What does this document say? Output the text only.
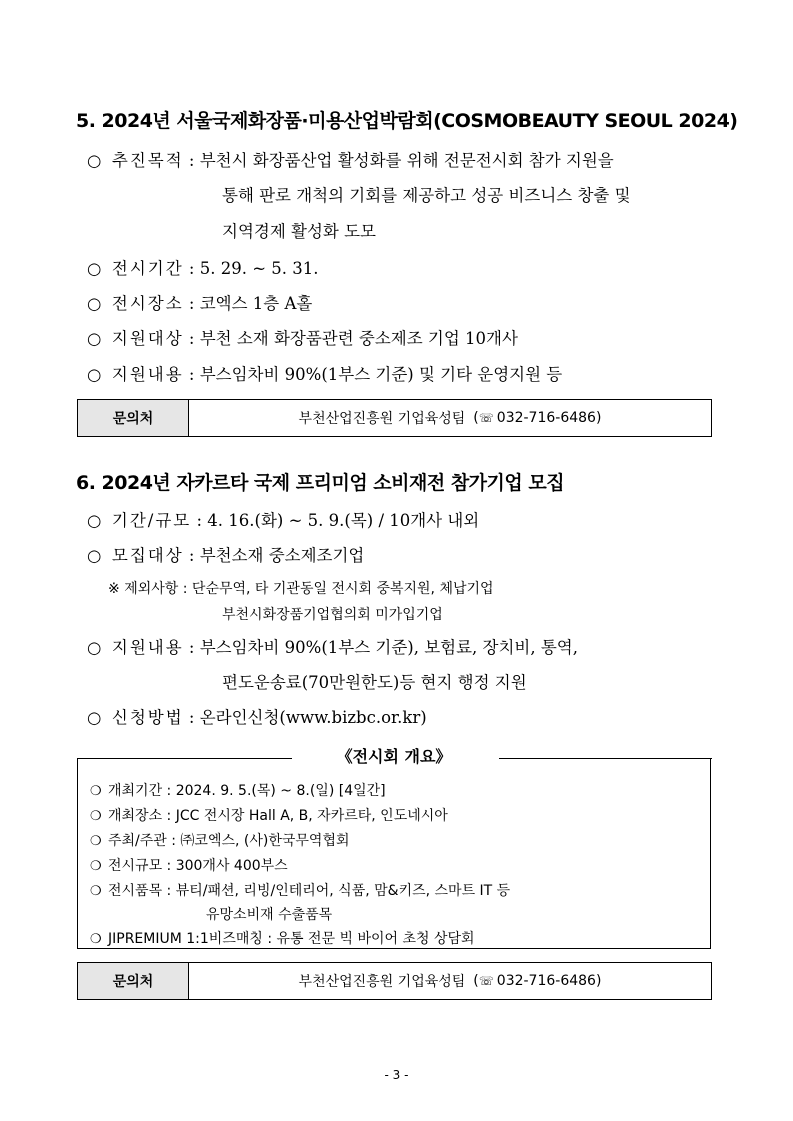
5. 2024년 서울국제화장품·미용산업박람회(COSMOBEAUTY SEOUL 2024)
○ 추진목적 : 부천시 화장품산업 활성화를 위해 전문전시회 참가 지원을
통해 판로 개척의 기회를 제공하고 성공 비즈니스 창출 및
지역경제 활성화 도모
○ 전시기간 : 5. 29. ~ 5. 31.
○ 전시장소 : 코엑스 1층 A홀
○ 지원대상 : 부천 소재 화장품관련 중소제조 기업 10개사
○ 지원내용 : 부스임차비 90%(1부스 기준) 및 기타 운영지원 등
문의처	부천산업진흥원 기업육성팀 (☏ 032-716-6486)
6. 2024년 자카르타 국제 프리미엄 소비재전 참가기업 모집
○ 기간/규모 : 4. 16.(화) ~ 5. 9.(목) / 10개사 내외
○ 모집대상 : 부천소재 중소제조기업
※ 제외사항 : 단순무역, 타 기관동일 전시회 중복지원, 체납기업
부천시화장품기업협의회 미가입기업
○ 지원내용 : 부스임차비 90%(1부스 기준), 보험료, 장치비, 통역,
편도운송료(70만원한도)등 현지 행정 지원
○ 신청방법 : 온라인신청(www.bizbc.or.kr)
《전시회 개요》
❍ 개최기간 : 2024. 9. 5.(목) ~ 8.(일) [4일간]
❍ 개최장소 : JCC 전시장 Hall A, B, 자카르타, 인도네시아
❍ 주최/주관 : ㈜코엑스, (사)한국무역협회
❍ 전시규모 : 300개사 400부스
❍ 전시품목 : 뷰티/패션, 리빙/인테리어, 식품, 맘&키즈, 스마트 IT 등
유망소비재 수출품목
❍ JIPREMIUM 1:1비즈매칭 : 유통 전문 빅 바이어 초청 상담회
문의처	부천산업진흥원 기업육성팀 (☏ 032-716-6486)
- 3 -
